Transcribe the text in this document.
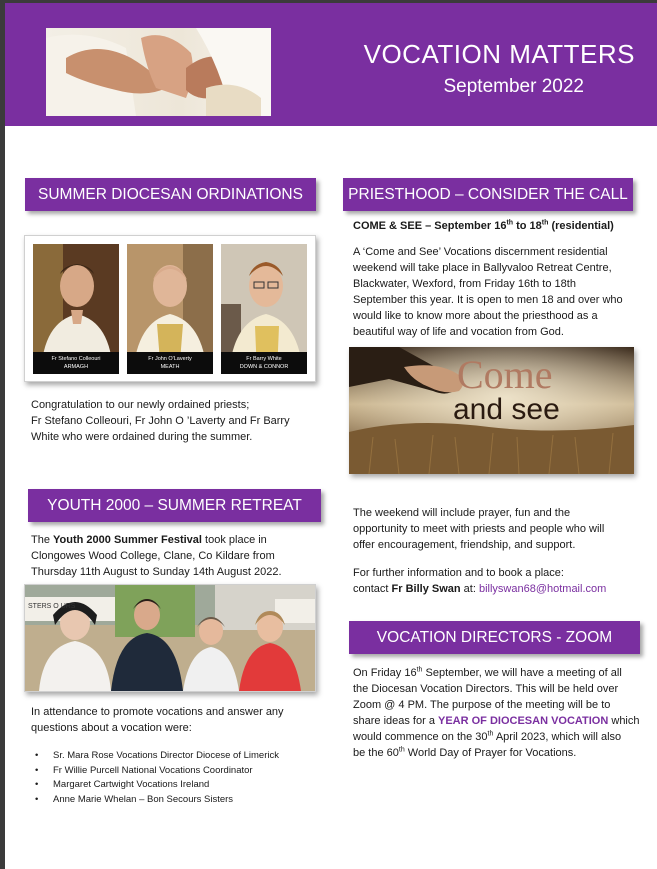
VOCATION MATTERS
September 2022
SUMMER DIOCESAN ORDINATIONS
Fr Stefano Colleouri
ARMAGH
Fr John O'Laverty
MEATH
Fr Barry White
DOWN & CONNOR
Congratulation to our newly ordained priests;
Fr Stefano Colleouri, Fr John O ’Laverty and Fr Barry
White who were ordained during the summer.
YOUTH 2000 – SUMMER RETREAT
The Youth 2000 Summer Festival took place in
Clongowes Wood College, Clane, Co Kildare from
Thursday 11th August to Sunday 14th August 2022.
STERS O URS
In attendance to promote vocations and answer any
questions about a vocation were:
• Sr. Mara Rose Vocations Director Diocese of Limerick
• Fr Willie Purcell National Vocations Coordinator
• Margaret Cartwight Vocations Ireland
• Anne Marie Whelan – Bon Secours Sisters
PRIESTHOOD – CONSIDER THE CALL
COME & SEE – September 16th to 18th (residential)
A ‘Come and See’ Vocations discernment residential
weekend will take place in Ballyvaloo Retreat Centre,
Blackwater, Wexford, from Friday 16th to 18th
September this year. It is open to men 18 and over who
would like to know more about the priesthood as a
beautiful way of life and vocation from God.
Come
and see
The weekend will include prayer, fun and the
opportunity to meet with priests and people who will
offer encouragement, friendship, and support.
For further information and to book a place:
contact Fr Billy Swan at: billyswan68@hotmail.com
VOCATION DIRECTORS - ZOOM
On Friday 16th September, we will have a meeting of all
the Diocesan Vocation Directors. This will be held over
Zoom @ 4 PM. The purpose of the meeting will be to
share ideas for a YEAR OF DIOCESAN VOCATION which
would commence on the 30th April 2023, which will also
be the 60th World Day of Prayer for Vocations.
